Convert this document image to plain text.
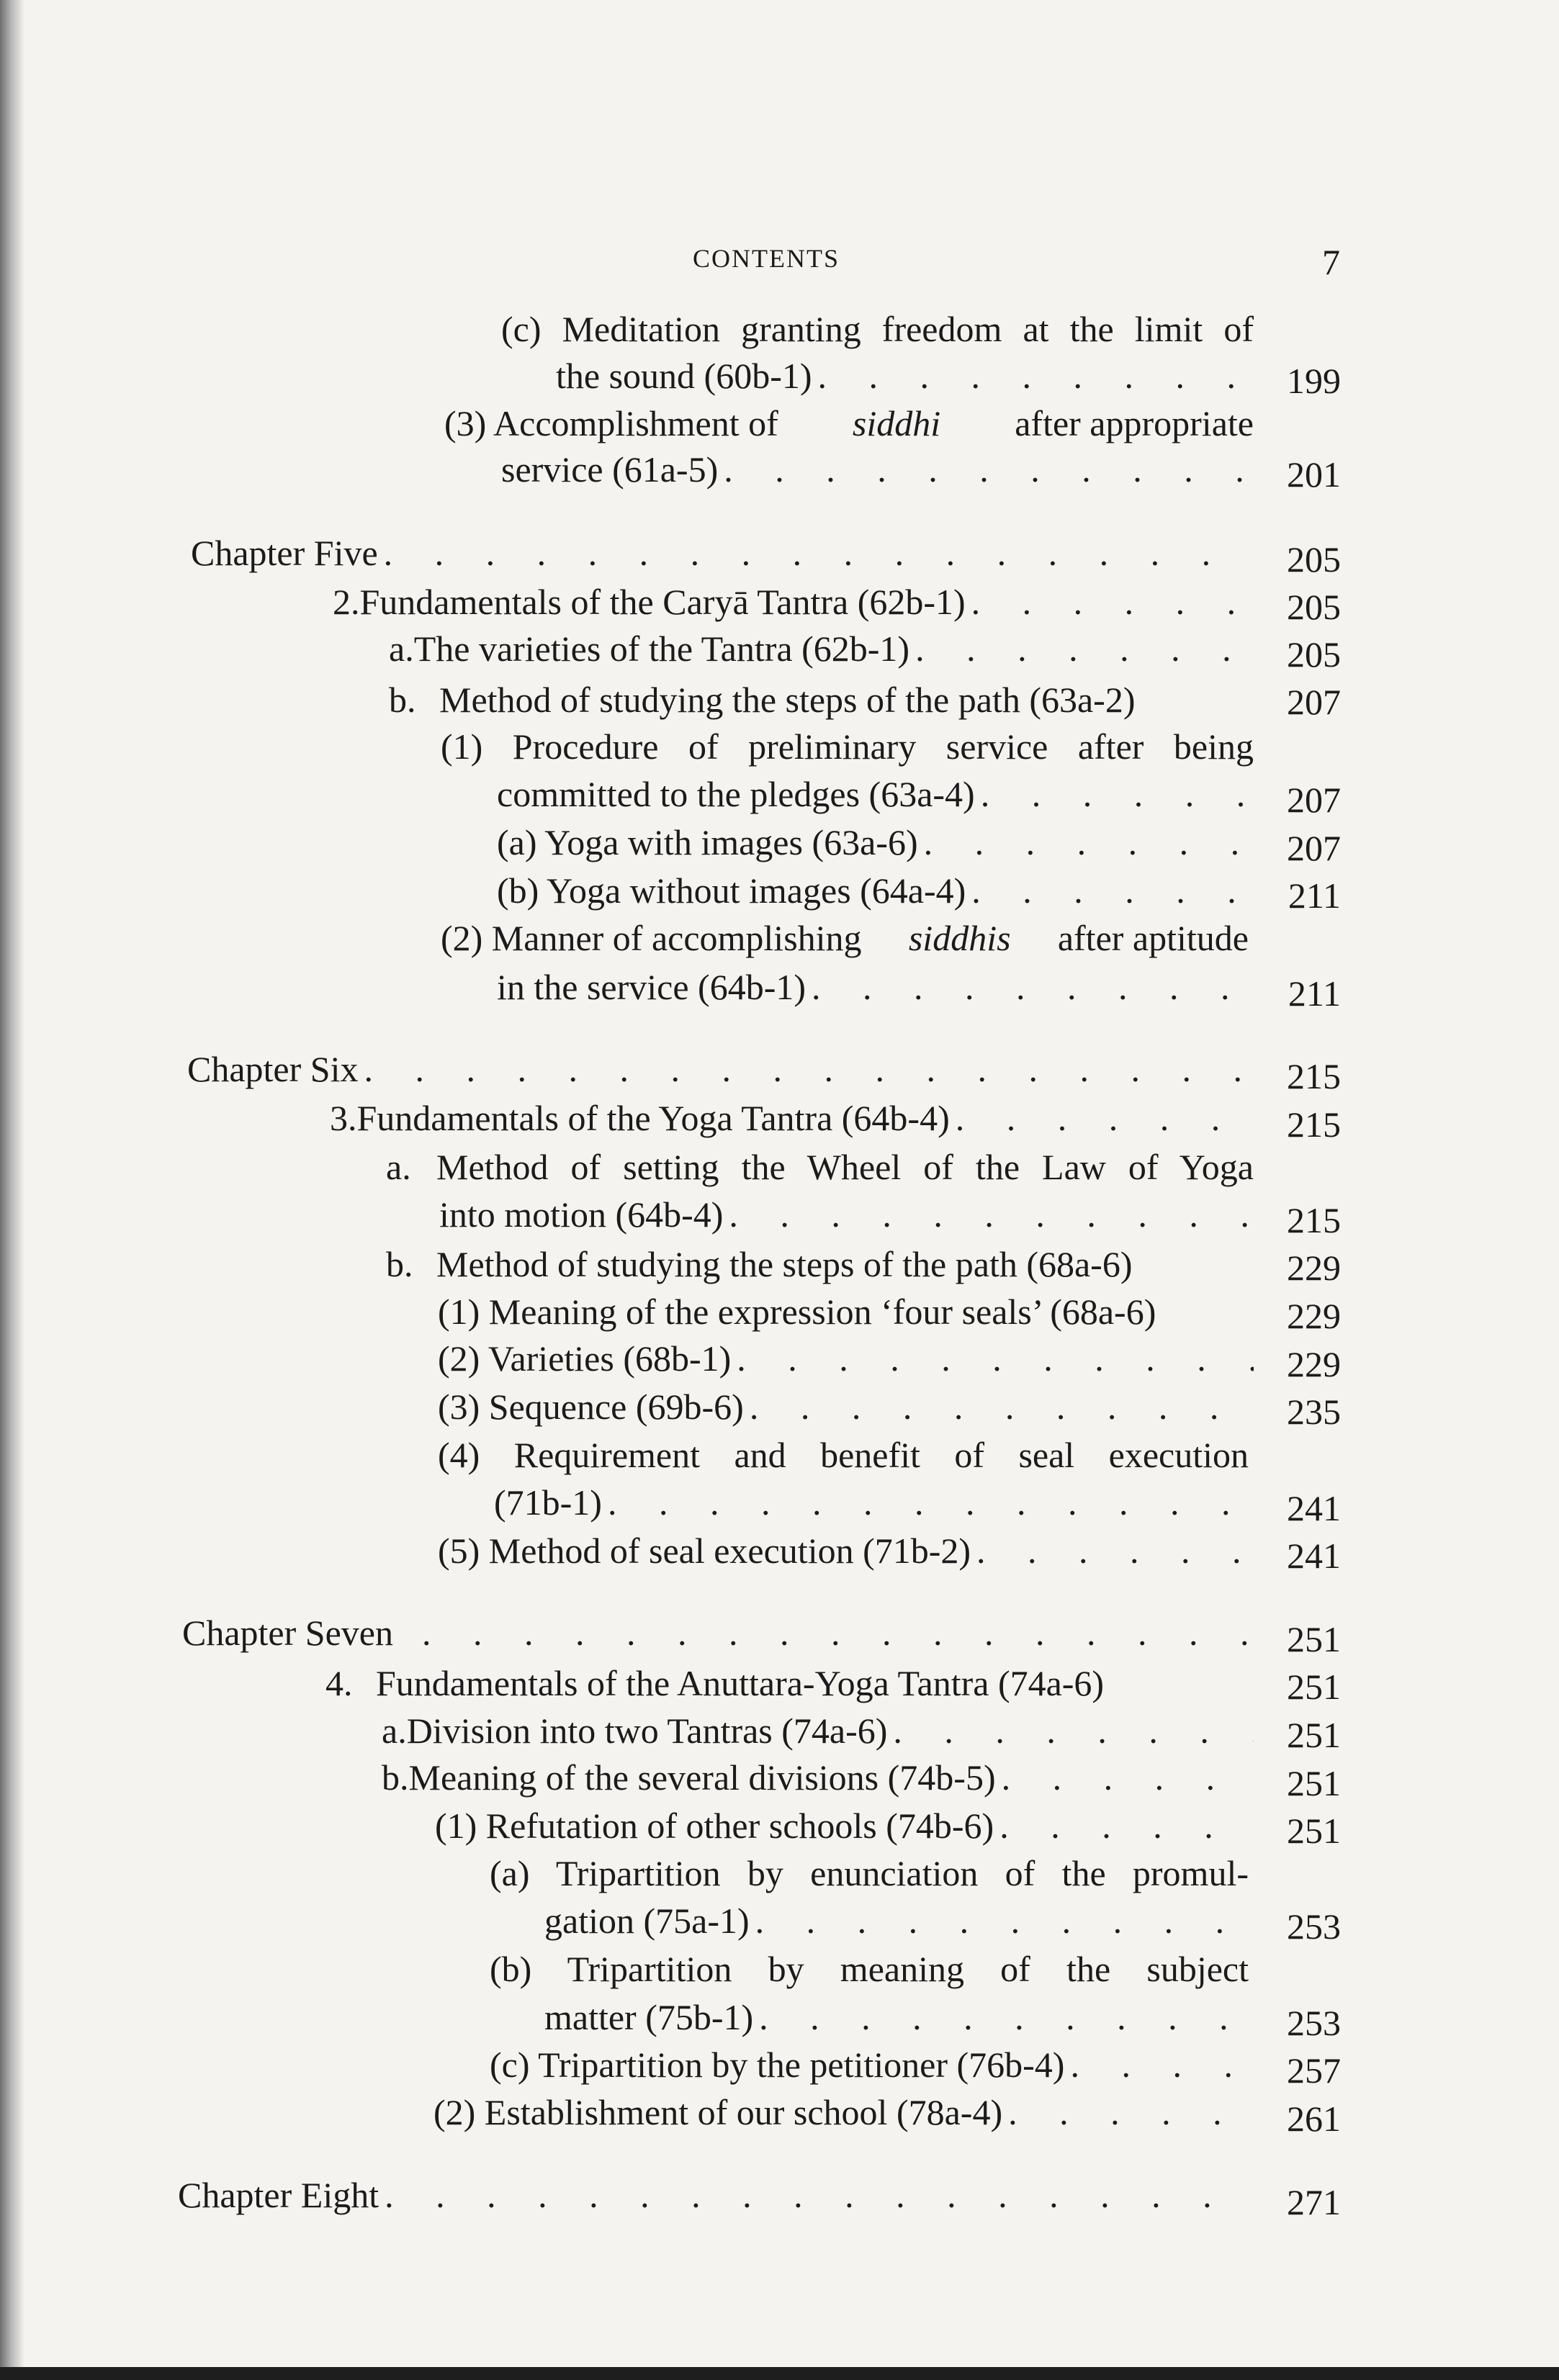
CONTENTS	7
(c) Meditation granting freedom at the limit of
the sound (60b-1) . . .	199
(3) Accomplishment of siddhi after appropriate
service (61a-5) . . .	201
Chapter Five . . .	205
2. Fundamentals of the Caryā Tantra (62b-1) . . .	205
a. The varieties of the Tantra (62b-1) . . .	205
b. Method of studying the steps of the path (63a-2)	207
(1) Procedure of preliminary service after being
committed to the pledges (63a-4) . . .	207
(a) Yoga with images (63a-6) . . .	207
(b) Yoga without images (64a-4) . . .	211
(2) Manner of accomplishing siddhis after aptitude
in the service (64b-1) . . .	211
Chapter Six . . .	215
3. Fundamentals of the Yoga Tantra (64b-4) . . .	215
a. Method of setting the Wheel of the Law of Yoga
into motion (64b-4) . . .	215
b. Method of studying the steps of the path (68a-6)	229
(1) Meaning of the expression ‘four seals’ (68a-6)	229
(2) Varieties (68b-1) . . .	229
(3) Sequence (69b-6) . . .	235
(4) Requirement and benefit of seal execution
(71b-1) . . .	241
(5) Method of seal execution (71b-2) . . .	241
Chapter Seven . . .	251
4. Fundamentals of the Anuttara-Yoga Tantra (74a-6)	251
a. Division into two Tantras (74a-6) . . .	251
b. Meaning of the several divisions (74b-5) . . .	251
(1) Refutation of other schools (74b-6) . . .	251
(a) Tripartition by enunciation of the promul-
gation (75a-1) . . .	253
(b) Tripartition by meaning of the subject
matter (75b-1) . . .	253
(c) Tripartition by the petitioner (76b-4) . . .	257
(2) Establishment of our school (78a-4) . . .	261
Chapter Eight . . .	271
